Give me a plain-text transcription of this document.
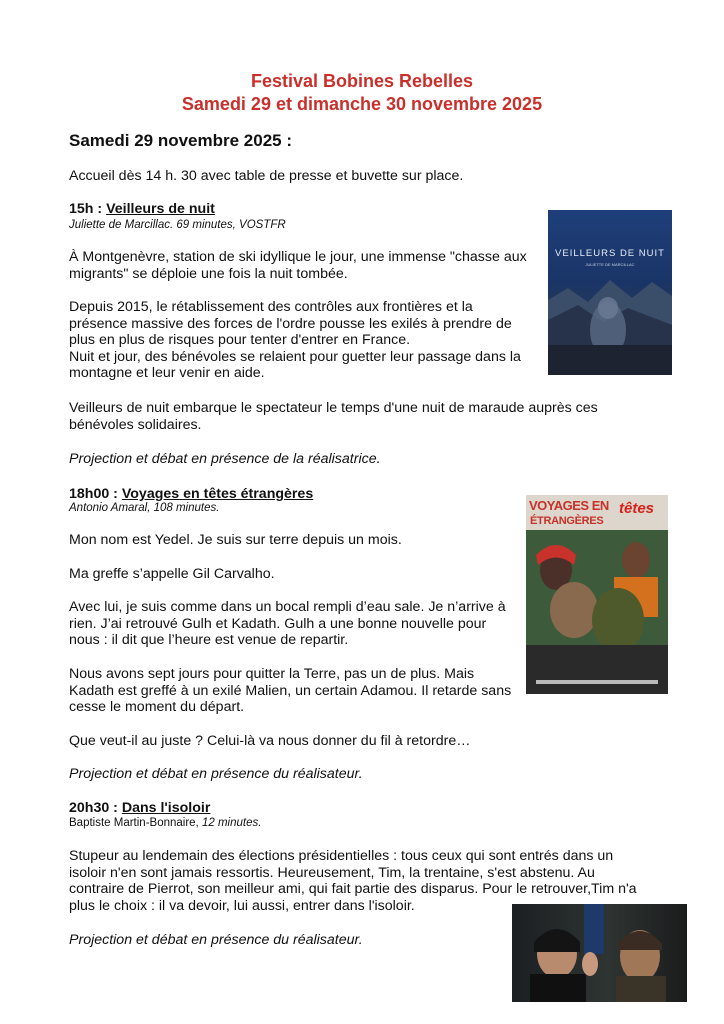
Festival Bobines Rebelles
Samedi 29 et dimanche 30 novembre 2025
Samedi 29 novembre 2025 :
Accueil dès 14 h. 30 avec table de presse et buvette sur place.
15h : Veilleurs de nuit
Juliette de Marcillac. 69 minutes, VOSTFR
À Montgenèvre, station de ski idyllique le jour, une immense "chasse aux
migrants" se déploie une fois la nuit tombée.
Depuis 2015, le rétablissement des contrôles aux frontières et la
présence massive des forces de l'ordre pousse les exilés à prendre de
plus en plus de risques pour tenter d'entrer en France.
Nuit et jour, des bénévoles se relaient pour guetter leur passage dans la
montagne et leur venir en aide.
Veilleurs de nuit embarque le spectateur le temps d'une nuit de maraude auprès ces
bénévoles solidaires.
Projection et débat en présence de la réalisatrice.
VEILLEURS DE NUIT
JULIETTE DE MARCILLAC
18h00 : Voyages en têtes étrangères
Antonio Amaral, 108 minutes.
Mon nom est Yedel. Je suis sur terre depuis un mois.
Ma greffe s’appelle Gil Carvalho.
Avec lui, je suis comme dans un bocal rempli d’eau sale. Je n’arrive à
rien. J’ai retrouvé Gulh et Kadath. Gulh a une bonne nouvelle pour
nous : il dit que l’heure est venue de repartir.
Nous avons sept jours pour quitter la Terre, pas un de plus. Mais
Kadath est greffé à un exilé Malien, un certain Adamou. Il retarde sans
cesse le moment du départ.
Que veut-il au juste ? Celui-là va nous donner du fil à retordre…
Projection et débat en présence du réalisateur.
VOYAGES EN têtes
ÉTRANGÈRES
20h30 : Dans l'isoloir
Baptiste Martin-Bonnaire, 12 minutes.
Stupeur au lendemain des élections présidentielles : tous ceux qui sont entrés dans un
isoloir n'en sont jamais ressortis. Heureusement, Tim, la trentaine, s'est abstenu. Au
contraire de Pierrot, son meilleur ami, qui fait partie des disparus. Pour le retrouver,Tim n'a
plus le choix : il va devoir, lui aussi, entrer dans l'isoloir.
Projection et débat en présence du réalisateur.
